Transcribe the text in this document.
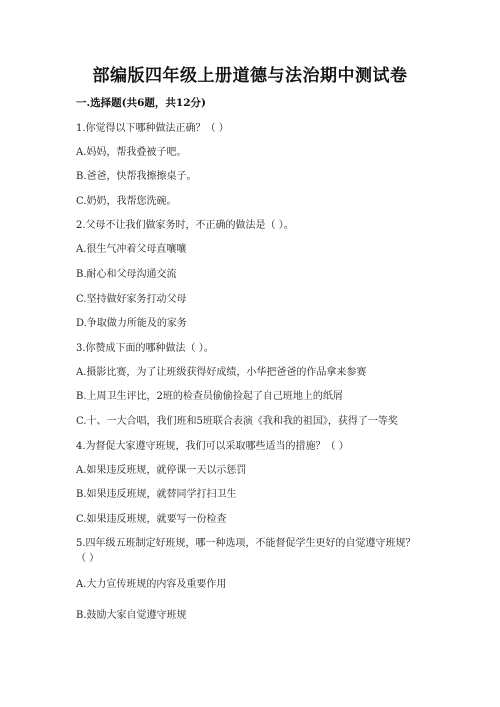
部编版四年级上册道德与法治期中测试卷
一.选择题(共6题，共12分)
1.你觉得以下哪种做法正确？（ ）
A.妈妈，帮我叠被子吧。
B.爸爸，快帮我擦擦桌子。
C.奶奶，我帮您洗碗。
2.父母不让我们做家务时，不正确的做法是（ ）。
A.很生气冲着父母直嚷嚷
B.耐心和父母沟通交流
C.坚持做好家务打动父母
D.争取做力所能及的家务
3.你赞成下面的哪种做法（ ）。
A.摄影比赛，为了让班级获得好成绩，小华把爸爸的作品拿来参赛
B.上周卫生评比，2班的检查员偷偷捡起了自己班地上的纸屑
C.十、一大合唱，我们班和5班联合表演《我和我的祖国》，获得了一等奖
4.为督促大家遵守班规，我们可以采取哪些适当的措施？（ ）
A.如果违反班规，就停课一天以示惩罚
B.如果违反班规，就替同学打扫卫生
C.如果违反班规，就要写一份检查
5.四年级五班制定好班规，哪一种选项，不能督促学生更好的自觉遵守班规？
（ ）
A.大力宣传班规的内容及重要作用
B.鼓励大家自觉遵守班规
